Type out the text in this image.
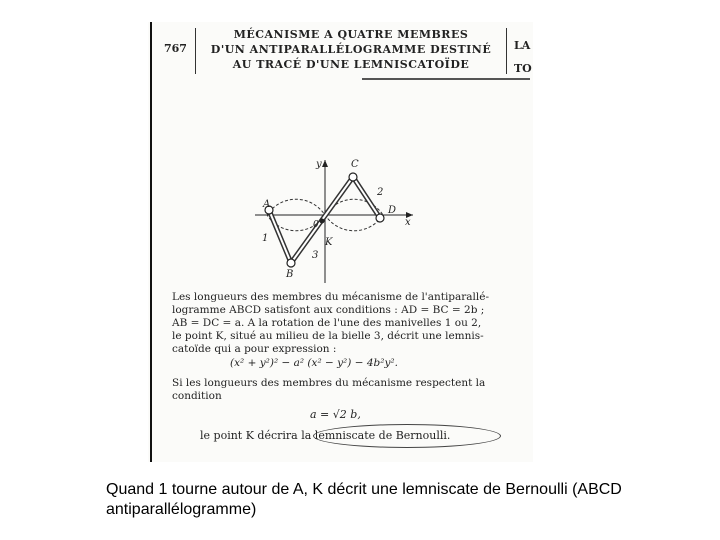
767
MÉCANISME A QUATRE MEMBRES
D'UN ANTIPARALLÉLOGRAMME DESTINÉ
AU TRACÉ D'UNE LEMNISCATOÏDE
LA
TO
A
B
C
D
K
0	x
y
1
2
3
Les longueurs des membres du mécanisme de l'antiparallé-
logramme ABCD satisfont aux conditions : AD = BC = 2b ;
AB = DC = a. A la rotation de l'une des manivelles 1 ou 2,
le point K, situé au milieu de la bielle 3, décrit une lemnis-
catoïde qui a pour expression :
(x² + y²)² − a² (x² − y²) − 4b²y².
Si les longueurs des membres du mécanisme respectent la
condition
a = √2 b,
le point K décrira la lemniscate de Bernoulli.
Quand 1 tourne autour de A, K décrit une lemniscate de Bernoulli (ABCD antiparallélogramme)
